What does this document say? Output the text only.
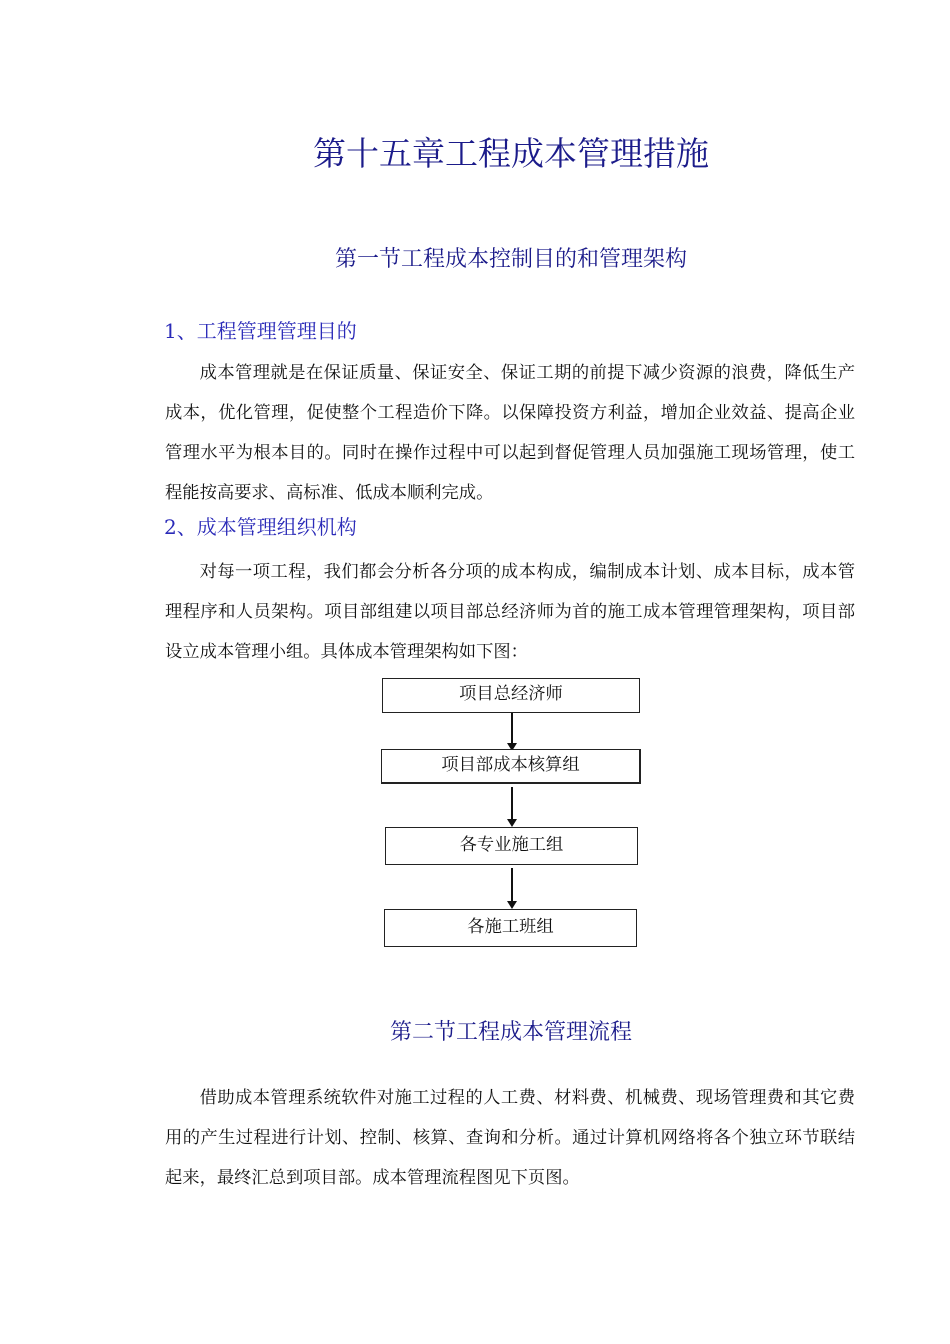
第十五章工程成本管理措施
第一节工程成本控制目的和管理架构
1、工程管理管理目的

成本管理就是在保证质量、保证安全、保证工期的前提下减少资源的浪费，降低生产成本，优化管理，促使整个工程造价下降。以保障投资方利益，增加企业效益、提高企业管理水平为根本目的。同时在操作过程中可以起到督促管理人员加强施工现场管理，使工程能按高要求、高标准、低成本顺利完成。

2、成本管理组织机构

对每一项工程，我们都会分析各分项的成本构成，编制成本计划、成本目标，成本管理程序和人员架构。项目部组建以项目部总经济师为首的施工成本管理管理架构，项目部设立成本管理小组。具体成本管理架构如下图：

项目总经济师
项目部成本核算组
各专业施工组
各施工班组
第二节工程成本管理流程

借助成本管理系统软件对施工过程的人工费、材料费、机械费、现场管理费和其它费用的产生过程进行计划、控制、核算、查询和分析。通过计算机网络将各个独立环节联结起来，最终汇总到项目部。成本管理流程图见下页图。
